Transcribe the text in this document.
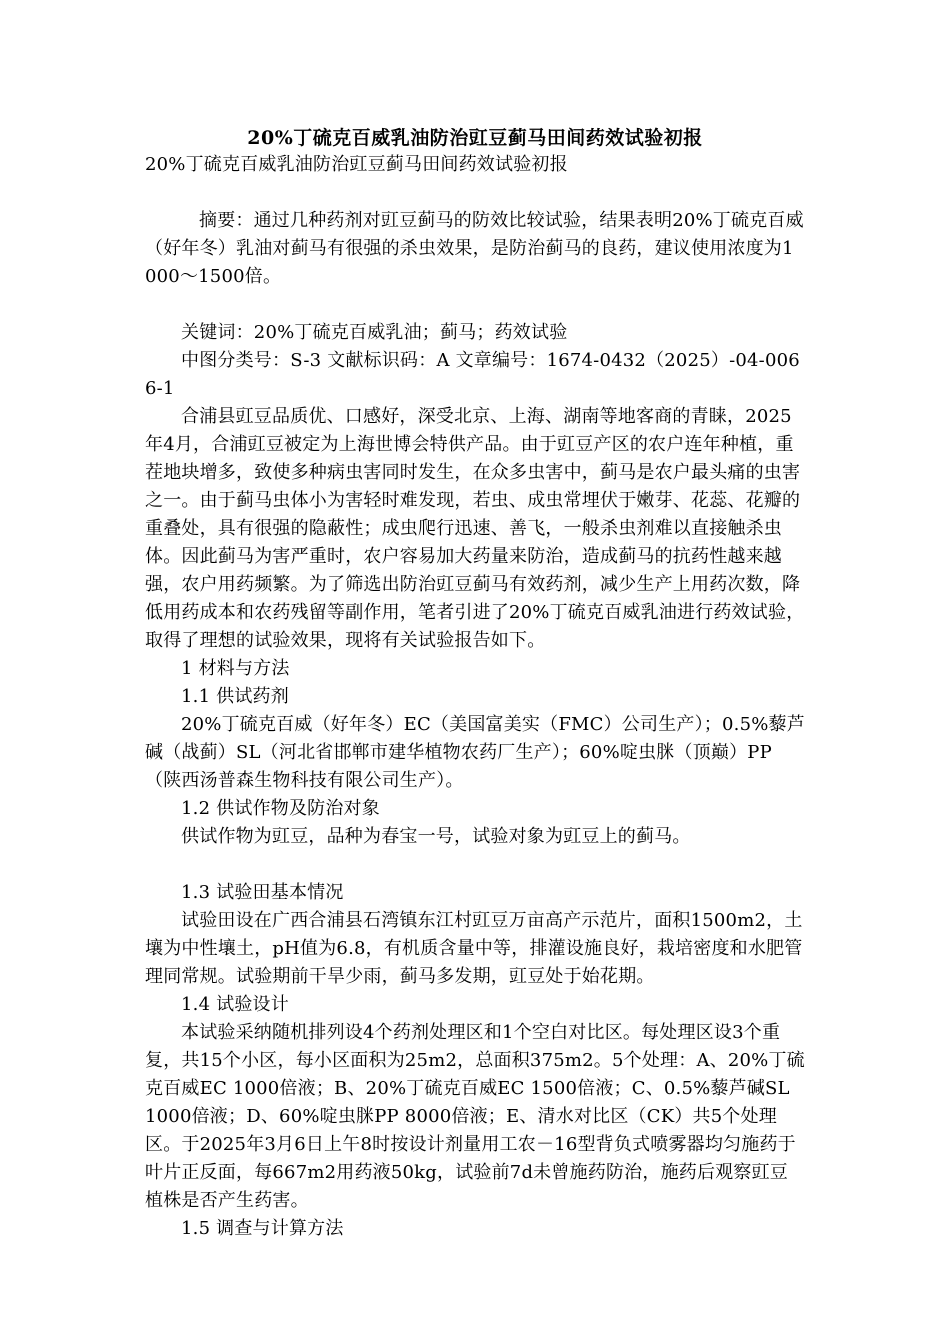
20%丁硫克百威乳油防治豇豆蓟马田间药效试验初报

20%丁硫克百威乳油防治豇豆蓟马田间药效试验初报

摘要：通过几种药剂对豇豆蓟马的防效比较试验，结果表明20%丁硫克百威（好年冬）乳油对蓟马有很强的杀虫效果，是防治蓟马的良药，建议使用浓度为1000～1500倍。

关键词：20%丁硫克百威乳油；蓟马；药效试验

中图分类号：S-3 文献标识码：A 文章编号：1674-0432（2025）-04-0066-1

合浦县豇豆品质优、口感好，深受北京、上海、湖南等地客商的青睐，2025年4月，合浦豇豆被定为上海世博会特供产品。由于豇豆产区的农户连年种植，重茬地块增多，致使多种病虫害同时发生，在众多虫害中，蓟马是农户最头痛的虫害之一。由于蓟马虫体小为害轻时难发现，若虫、成虫常埋伏于嫩芽、花蕊、花瓣的重叠处，具有很强的隐蔽性；成虫爬行迅速、善飞，一般杀虫剂难以直接触杀虫体。因此蓟马为害严重时，农户容易加大药量来防治，造成蓟马的抗药性越来越强，农户用药频繁。为了筛选出防治豇豆蓟马有效药剂，减少生产上用药次数，降低用药成本和农药残留等副作用，笔者引进了20%丁硫克百威乳油进行药效试验，取得了理想的试验效果，现将有关试验报告如下。

1 材料与方法

1.1 供试药剂

20%丁硫克百威（好年冬）EC（美国富美实（FMC）公司生产）；0.5%藜芦碱（战蓟）SL（河北省邯郸市建华植物农药厂生产）；60%啶虫脒（顶巅）PP（陕西汤普森生物科技有限公司生产）。

1.2 供试作物及防治对象

供试作物为豇豆，品种为春宝一号，试验对象为豇豆上的蓟马。

1.3 试验田基本情况

试验田设在广西合浦县石湾镇东江村豇豆万亩高产示范片，面积1500m2，土壤为中性壤土，pH值为6.8，有机质含量中等，排灌设施良好，栽培密度和水肥管理同常规。试验期前干旱少雨，蓟马多发期，豇豆处于始花期。

1.4 试验设计

本试验采纳随机排列设4个药剂处理区和1个空白对比区。每处理区设3个重复，共15个小区，每小区面积为25m2，总面积375m2。5个处理：A、20%丁硫克百威EC 1000倍液；B、20%丁硫克百威EC 1500倍液；C、0.5%藜芦碱SL 1000倍液；D、60%啶虫脒PP 8000倍液；E、清水对比区（CK）共5个处理区。于2025年3月6日上午8时按设计剂量用工农－16型背负式喷雾器均匀施药于叶片正反面，每667m2用药液50kg，试验前7d未曾施药防治，施药后观察豇豆植株是否产生药害。

1.5 调查与计算方法
